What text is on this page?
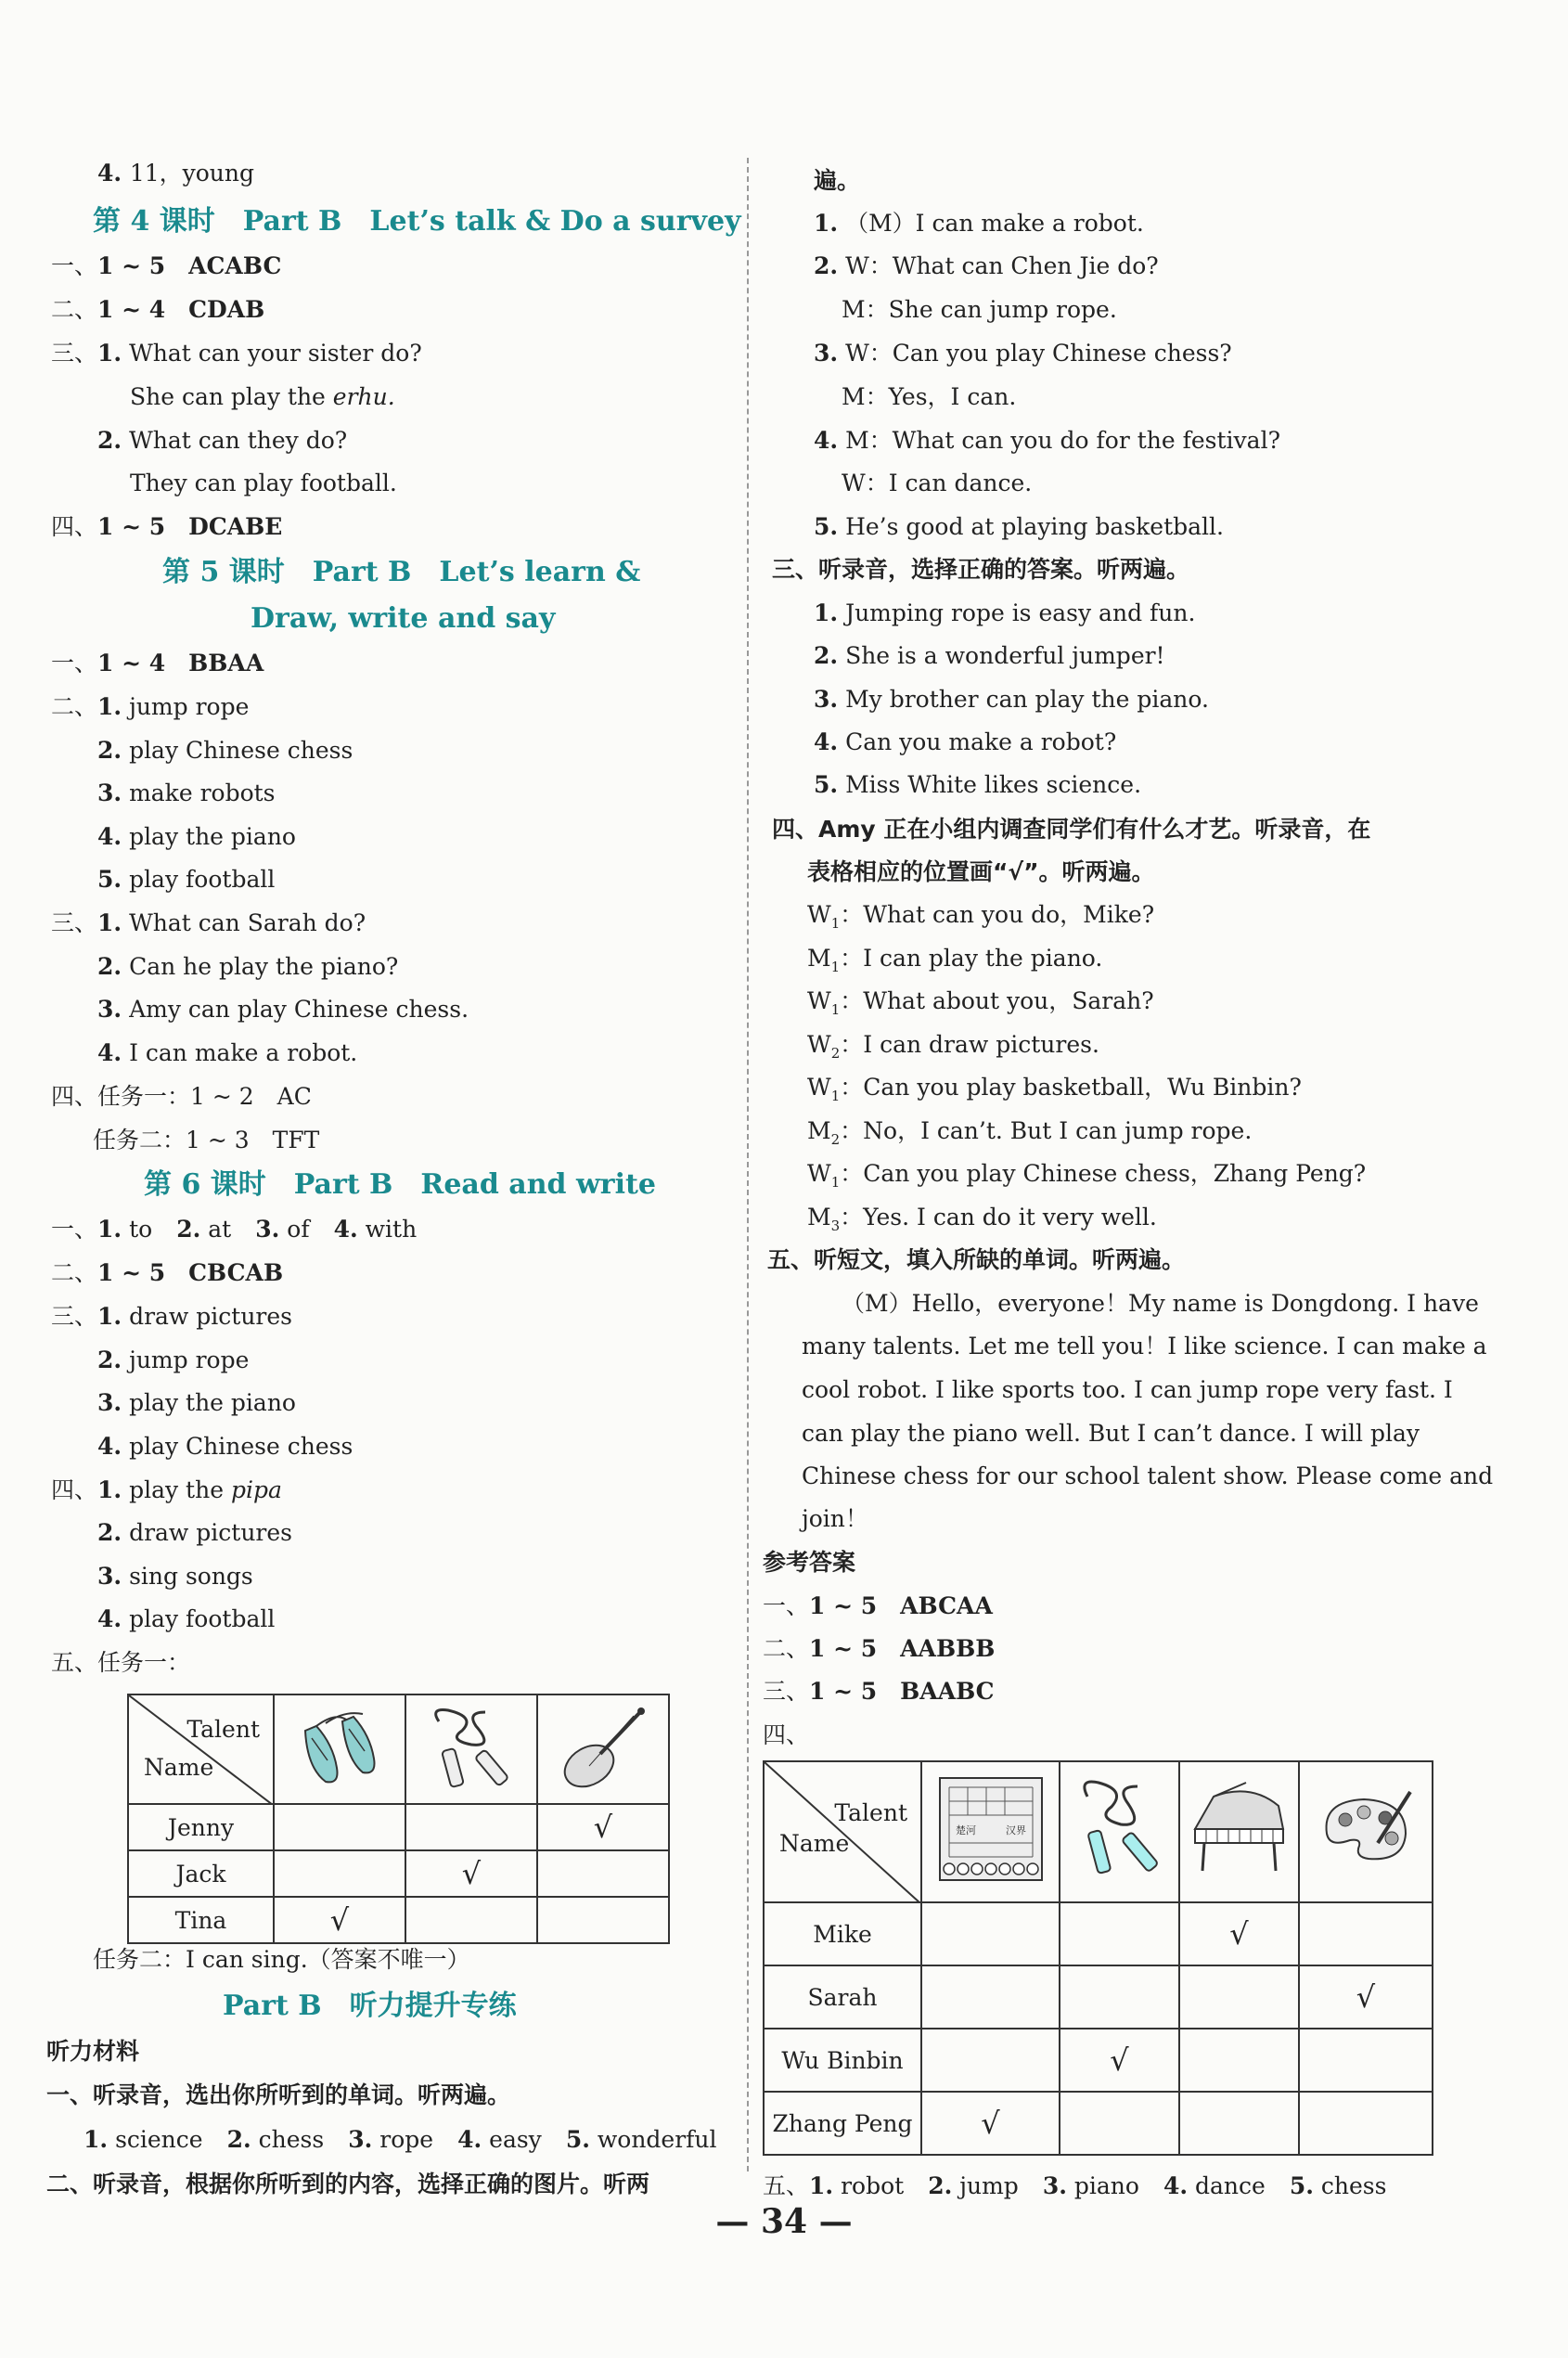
4. 11，young
第 4 课时　Part B　Let’s talk & Do a survey
一、1 ~ 5　ACABC
二、1 ~ 4　CDAB
三、1. What can your sister do?
She can play the erhu.
2. What can they do?
They can play football.
四、1 ~ 5　DCABE
第 5 课时　Part B　Let’s learn &
Draw, write and say
一、1 ~ 4　BBAA
二、1. jump rope
2. play Chinese chess
3. make robots
4. play the piano
5. play football
三、1. What can Sarah do?
2. Can he play the piano?
3. Amy can play Chinese chess.
4. I can make a robot.
四、任务一：1 ~ 2　AC
任务二：1 ~ 3　TFT
第 6 课时　Part B　Read and write
一、1. to 2. at 3. of 4. with
二、1 ~ 5　CBCAB
三、1. draw pictures
2. jump rope
3. play the piano
4. play Chinese chess
四、1. play the pipa
2. draw pictures
3. sing songs
4. play football
五、任务一：
Talent
Name

Jenny			√
Jack		√	
Tina	√		
任务二：I can sing.（答案不唯一）
Part B　听力提升专练
听力材料
一、听录音，选出你所听到的单词。听两遍。
1. science 2. chess 3. rope 4. easy 5. wonderful
二、听录音，根据你所听到的内容，选择正确的图片。听两
遍。
1. （M）I can make a robot.
2. W：What can Chen Jie do?
M：She can jump rope.
3. W：Can you play Chinese chess?
M：Yes，I can.
4. M：What can you do for the festival?
W：I can dance.
5. He’s good at playing basketball.
三、听录音，选择正确的答案。听两遍。
1. Jumping rope is easy and fun.
2. She is a wonderful jumper!
3. My brother can play the piano.
4. Can you make a robot?
5. Miss White likes science.
四、Amy 正在小组内调查同学们有什么才艺。听录音，在
表格相应的位置画“√”。听两遍。
$W_1$：What can you do，Mike?
$M_1$：I can play the piano.
$W_1$：What about you，Sarah?
$W_2$：I can draw pictures.
$W_1$：Can you play basketball，Wu Binbin?
$M_2$：No，I can’t. But I can jump rope.
$W_1$：Can you play Chinese chess，Zhang Peng?
$M_3$：Yes. I can do it very well.
五、听短文，填入所缺的单词。听两遍。
（M）Hello，everyone！My name is Dongdong. I have
many talents. Let me tell you！I like science. I can make a
cool robot. I like sports too. I can jump rope very fast. I
can play the piano well. But I can’t dance. I will play
Chinese chess for our school talent show. Please come and
join！
参考答案
一、1 ~ 5　ABCAA
二、1 ~ 5　AABBB
三、1 ~ 5　BAABC
四、
Talent
Name	楚河 汉界

Mike			√	
Sarah				√
Wu Binbin		√		
Zhang Peng	√			
五、1. robot 2. jump 3. piano 4. dance 5. chess
— 34 —
